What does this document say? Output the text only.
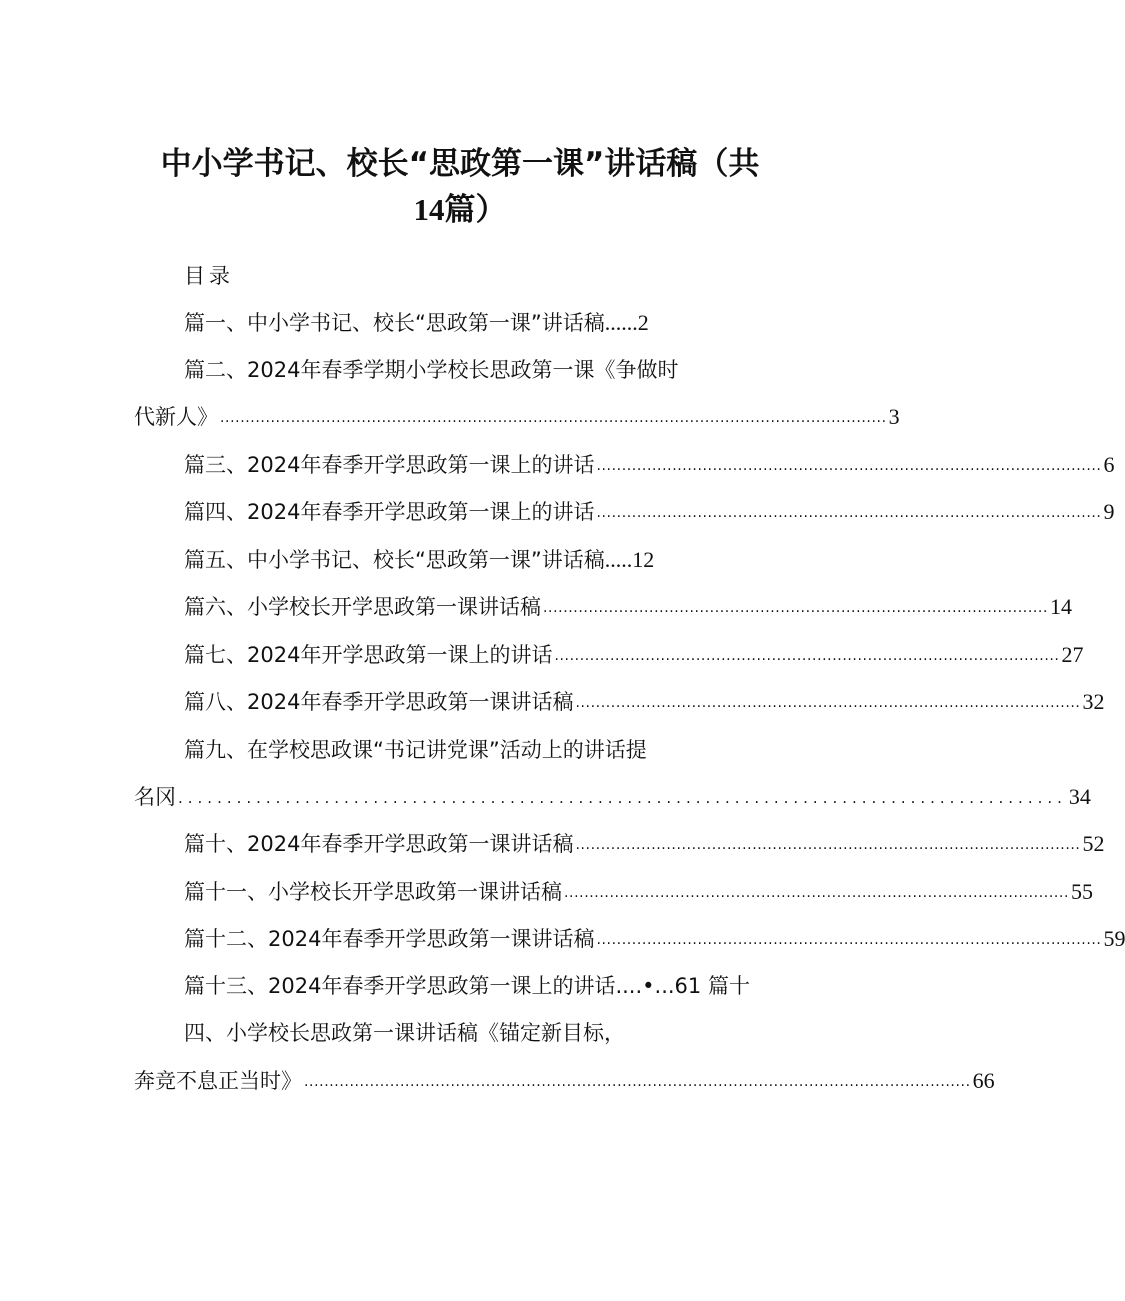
中小学书记、校长“思政第一课”讲话稿（共
14篇）
目录
篇一、中小学书记、校长“思政第一课”讲话稿 ...... 2
篇二、2024年春季学期小学校长思政第一课《争做时
代新人》 .................................................................................................................................... 3
篇三、2024年春季开学思政第一课上的讲话 .................................................................................................... 6
篇四、2024年春季开学思政第一课上的讲话 .................................................................................................... 9
篇五、中小学书记、校长“思政第一课”讲话稿 ..... 12
篇六、小学校长开学思政第一课讲话稿 .................................................................................................... 14
篇七、2024年开学思政第一课上的讲话 .................................................................................................... 27
篇八、2024年春季开学思政第一课讲话稿 .................................................................................................... 32
篇九、在学校思政课“书记讲党课”活动上的讲话提
名冈 ........................................................................................... 34
篇十、2024年春季开学思政第一课讲话稿 .................................................................................................... 52
篇十一、小学校长开学思政第一课讲话稿 .................................................................................................... 55
篇十二、2024年春季开学思政第一课讲话稿 .................................................................................................... 59
篇十三、2024年春季开学思政第一课上的讲话....•...61 篇十
四、小学校长思政第一课讲话稿《锚定新目标，
奔竞不息正当时》 .................................................................................................................................... 66
